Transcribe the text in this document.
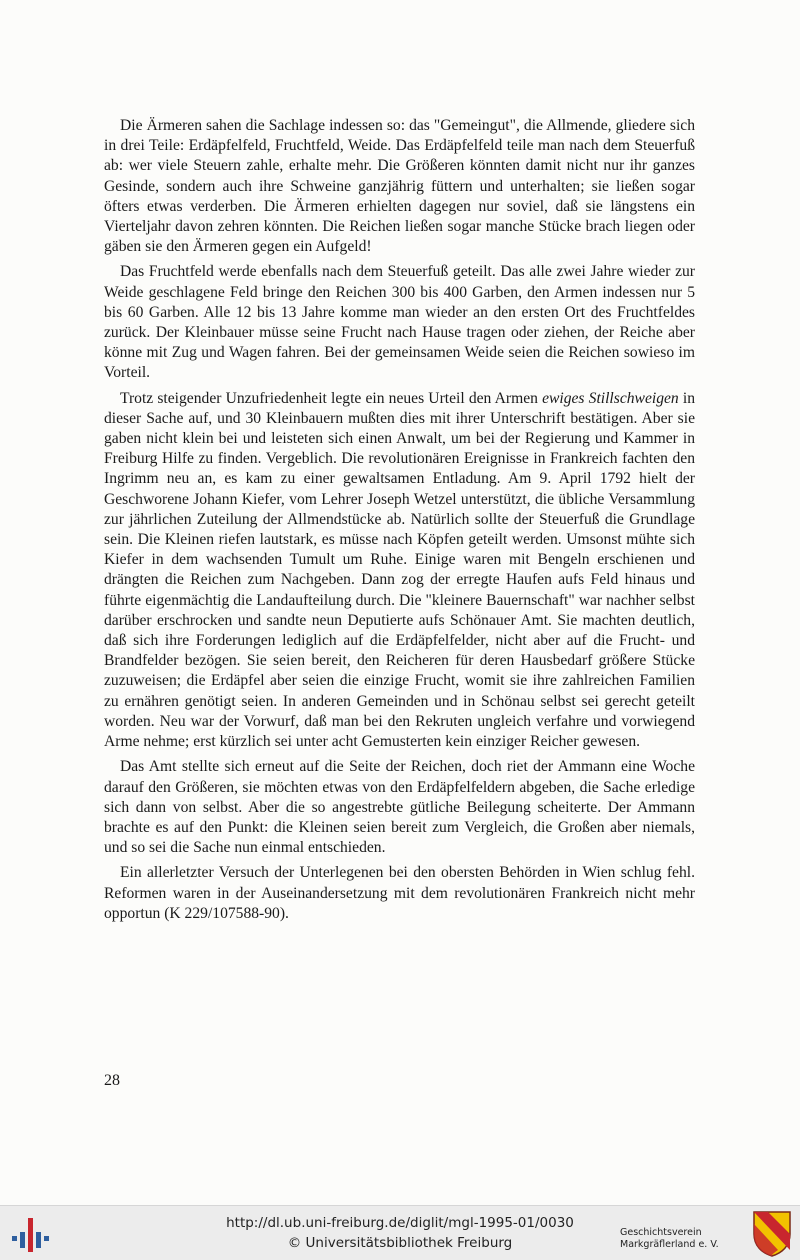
Die Ärmeren sahen die Sachlage indessen so: das "Gemeingut", die Allmende, gliedere sich in drei Teile: Erdäpfelfeld, Fruchtfeld, Weide. Das Erdäpfelfeld teile man nach dem Steuerfuß ab: wer viele Steuern zahle, erhalte mehr. Die Größeren könnten damit nicht nur ihr ganzes Gesinde, sondern auch ihre Schweine ganzjährig füttern und unterhalten; sie ließen sogar öfters etwas verderben. Die Ärmeren erhielten dagegen nur soviel, daß sie längstens ein Vierteljahr davon zehren könnten. Die Reichen ließen sogar manche Stücke brach liegen oder gäben sie den Ärmeren gegen ein Aufgeld!

Das Fruchtfeld werde ebenfalls nach dem Steuerfuß geteilt. Das alle zwei Jahre wieder zur Weide geschlagene Feld bringe den Reichen 300 bis 400 Garben, den Armen indessen nur 5 bis 60 Garben. Alle 12 bis 13 Jahre komme man wieder an den ersten Ort des Fruchtfeldes zurück. Der Kleinbauer müsse seine Frucht nach Hause tragen oder ziehen, der Reiche aber könne mit Zug und Wagen fahren. Bei der gemeinsamen Weide seien die Reichen sowieso im Vorteil.

Trotz steigender Unzufriedenheit legte ein neues Urteil den Armen ewiges Stillschweigen in dieser Sache auf, und 30 Kleinbauern mußten dies mit ihrer Unterschrift bestätigen. Aber sie gaben nicht klein bei und leisteten sich einen Anwalt, um bei der Regierung und Kammer in Freiburg Hilfe zu finden. Vergeblich. Die revolutionären Ereignisse in Frankreich fachten den Ingrimm neu an, es kam zu einer gewaltsamen Entladung. Am 9. April 1792 hielt der Geschworene Johann Kiefer, vom Lehrer Joseph Wetzel unterstützt, die übliche Versammlung zur jährlichen Zuteilung der Allmendstücke ab. Natürlich sollte der Steuerfuß die Grundlage sein. Die Kleinen riefen lautstark, es müsse nach Köpfen geteilt werden. Umsonst mühte sich Kiefer in dem wachsenden Tumult um Ruhe. Einige waren mit Bengeln erschienen und drängten die Reichen zum Nachgeben. Dann zog der erregte Haufen aufs Feld hinaus und führte eigenmächtig die Landaufteilung durch. Die "kleinere Bauernschaft" war nachher selbst darüber erschrocken und sandte neun Deputierte aufs Schönauer Amt. Sie machten deutlich, daß sich ihre Forderungen lediglich auf die Erdäpfelfelder, nicht aber auf die Frucht- und Brandfelder bezögen. Sie seien bereit, den Reicheren für deren Hausbedarf größere Stücke zuzuweisen; die Erdäpfel aber seien die einzige Frucht, womit sie ihre zahlreichen Familien zu ernähren genötigt seien. In anderen Gemeinden und in Schönau selbst sei gerecht geteilt worden. Neu war der Vorwurf, daß man bei den Rekruten ungleich verfahre und vorwiegend Arme nehme; erst kürzlich sei unter acht Gemusterten kein einziger Reicher gewesen.

Das Amt stellte sich erneut auf die Seite der Reichen, doch riet der Ammann eine Woche darauf den Größeren, sie möchten etwas von den Erdäpfelfeldern abgeben, die Sache erledige sich dann von selbst. Aber die so angestrebte gütliche Beilegung scheiterte. Der Ammann brachte es auf den Punkt: die Kleinen seien bereit zum Vergleich, die Großen aber niemals, und so sei die Sache nun einmal entschieden.

Ein allerletzter Versuch der Unterlegenen bei den obersten Behörden in Wien schlug fehl. Reformen waren in der Auseinandersetzung mit dem revolutionären Frankreich nicht mehr opportun (K 229/107588-90).

28
http://dl.ub.uni-freiburg.de/diglit/mgl-1995-01/0030
© Universitätsbibliothek Freiburg
Geschichtsverein
Markgräflerland e. V.
